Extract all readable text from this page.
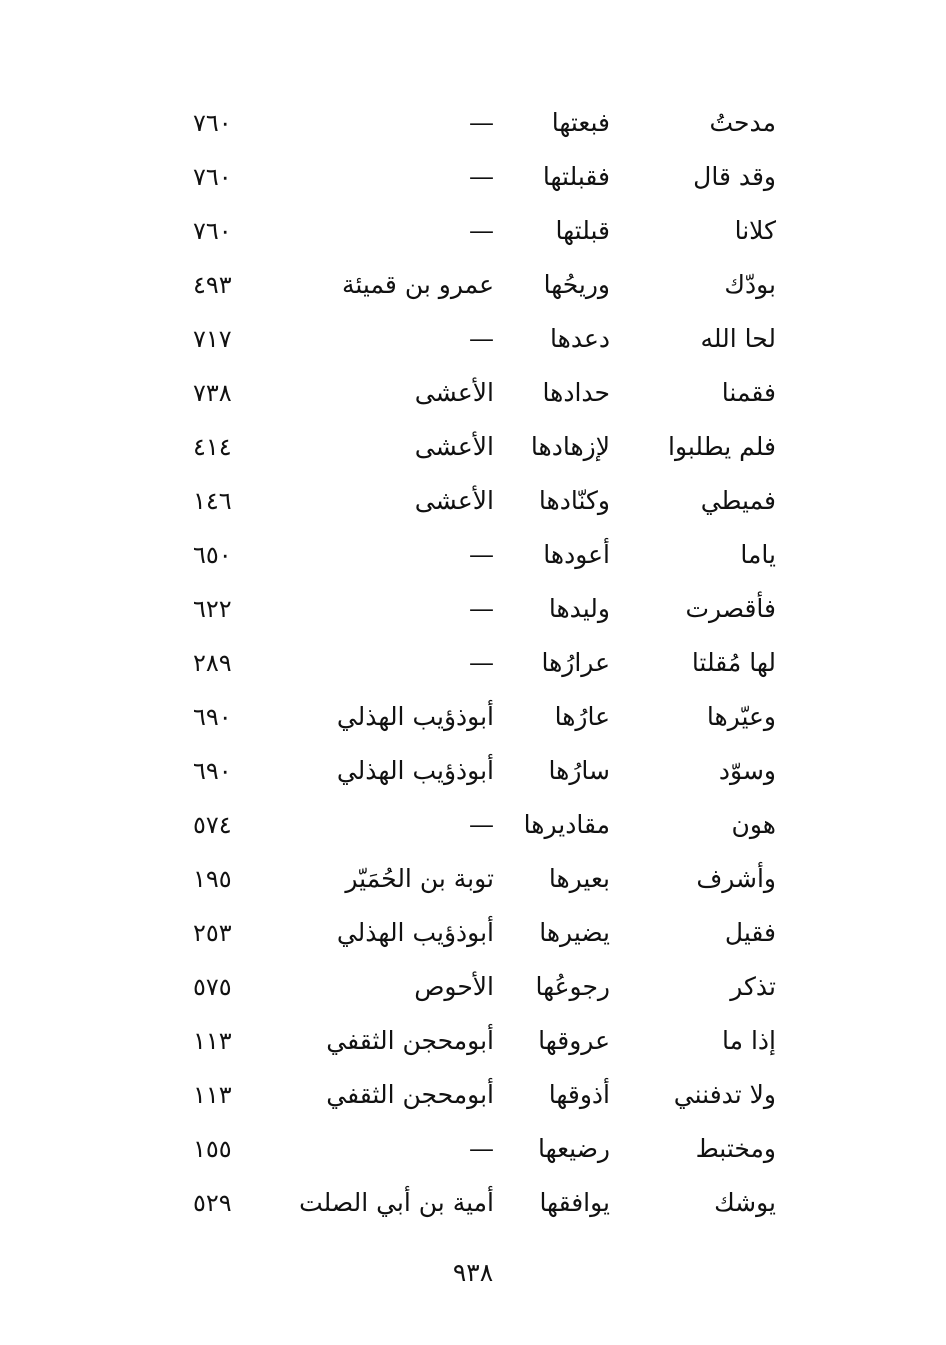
مدحتُ
فبعتها
—
٧٦٠
وقد قال
فقبلتها
—
٧٦٠
كلانا
قبلتها
—
٧٦٠
بودّك
وريحُها
عمرو بن قميئة
٤٩٣
لحا الله
دعدها
—
٧١٧
فقمنا
حدادها
الأعشى
٧٣٨
فلم يطلبوا
لإزهادها
الأعشى
٤١٤
فميطي
وكنّادها
الأعشى
١٤٦
ياما
أعودها
—
٦٥٠
فأقصرت
وليدها
—
٦٢٢
لها مُقلتا
عرارُها
—
٢٨٩
وعيّرها
عارُها
أبوذؤيب الهذلي
٦٩٠
وسوّد
سارُها
أبوذؤيب الهذلي
٦٩٠
هون
مقاديرها
—
٥٧٤
وأشرف
بعيرها
توبة بن الحُمَيّر
١٩٥
فقيل
يضيرها
أبوذؤيب الهذلي
٢٥٣
تذكر
رجوعُها
الأحوص
٥٧٥
إذا ما
عروقها
أبومحجن الثقفي
١١٣
ولا تدفنني
أذوقها
أبومحجن الثقفي
١١٣
ومختبط
رضيعها
—
١٥٥
يوشك
يوافقها
أمية بن أبي الصلت
٥٢٩
٩٣٨
